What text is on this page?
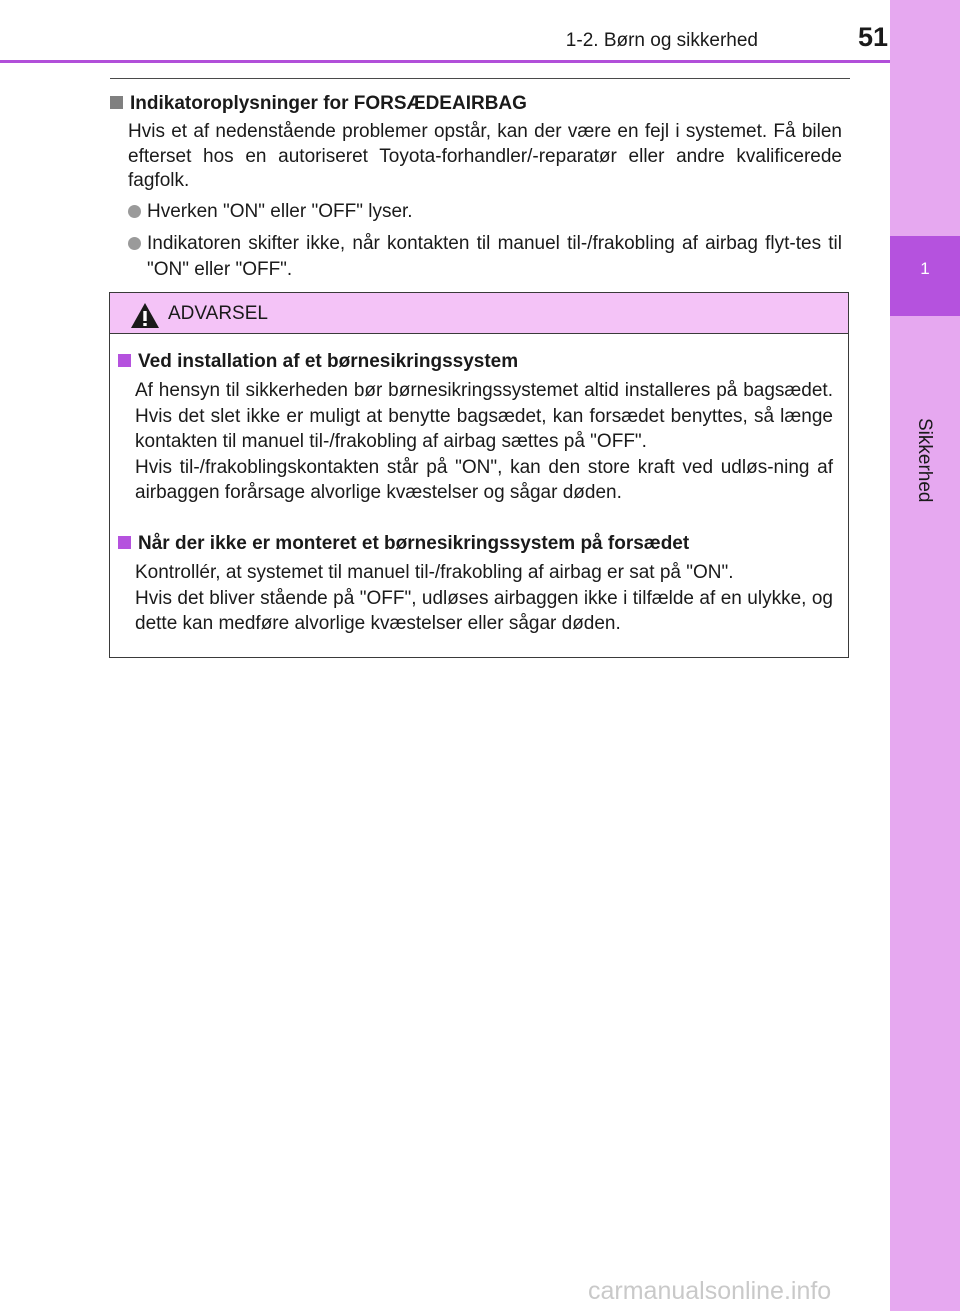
1
Sikkerhed
1-2. Børn og sikkerhed	51
Indikatoroplysninger for FORSÆDEAIRBAG
Hvis et af nedenstående problemer opstår, kan der være en fejl i systemet. Få bilen efterset hos en autoriseret Toyota-forhandler/-reparatør eller andre kvalificerede fagfolk.
Hverken "ON" eller "OFF" lyser.
Indikatoren skifter ikke, når kontakten til manuel til-/frakobling af airbag flyt-tes til "ON" eller "OFF".
ADVARSEL
Ved installation af et børnesikringssystem

Af hensyn til sikkerheden bør børnesikringssystemet altid installeres på bagsædet. Hvis det slet ikke er muligt at benytte bagsædet, kan forsædet benyttes, så længe kontakten til manuel til-/frakobling af airbag sættes på "OFF".

Hvis til-/frakoblingskontakten står på "ON", kan den store kraft ved udløs-ning af airbaggen forårsage alvorlige kvæstelser og sågar døden.

Når der ikke er monteret et børnesikringssystem på forsædet

Kontrollér, at systemet til manuel til-/frakobling af airbag er sat på "ON".

Hvis det bliver stående på "OFF", udløses airbaggen ikke i tilfælde af en ulykke, og dette kan medføre alvorlige kvæstelser eller sågar døden.

carmanualsonline.info
